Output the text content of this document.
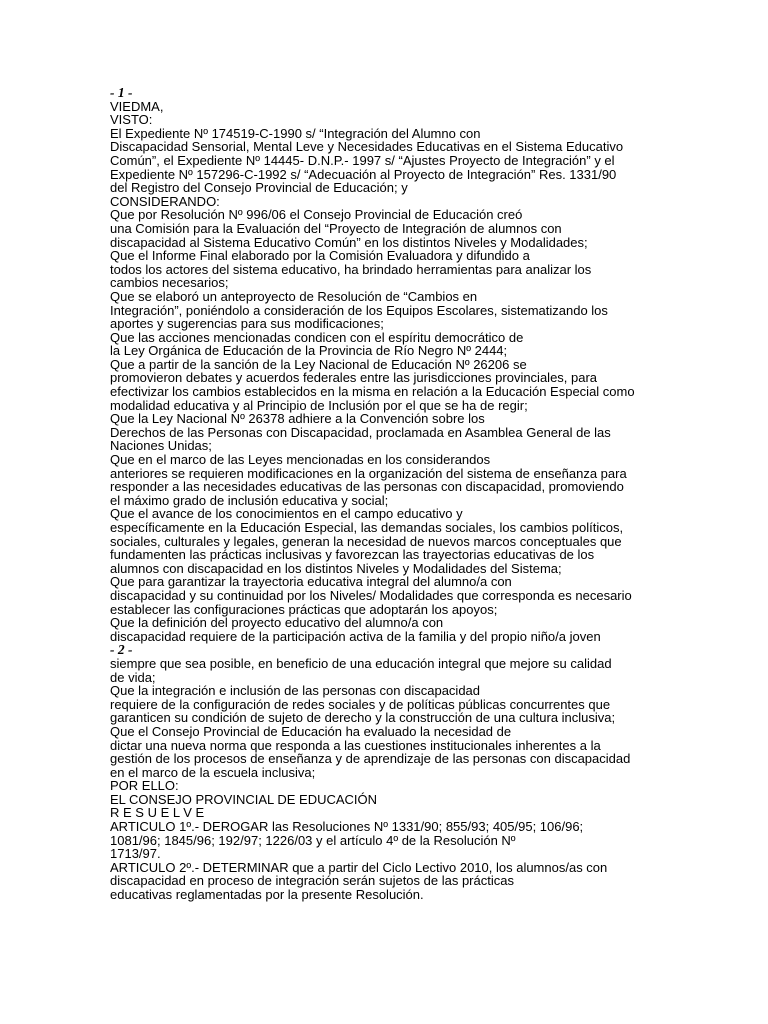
- 1 -
VIEDMA,
VISTO:
El Expediente Nº 174519-C-1990 s/ “Integración del Alumno con
Discapacidad Sensorial, Mental Leve y Necesidades Educativas en el Sistema Educativo
Común”, el Expediente Nº 14445- D.N.P.- 1997 s/ “Ajustes Proyecto de Integración” y el
Expediente Nº 157296-C-1992 s/ “Adecuación al Proyecto de Integración” Res. 1331/90
del Registro del Consejo Provincial de Educación; y
CONSIDERANDO:
Que por Resolución Nº 996/06 el Consejo Provincial de Educación creó
una Comisión para la Evaluación del “Proyecto de Integración de alumnos con
discapacidad al Sistema Educativo Común” en los distintos Niveles y Modalidades;
Que el Informe Final elaborado por la Comisión Evaluadora y difundido a
todos los actores del sistema educativo, ha brindado herramientas para analizar los
cambios necesarios;
Que se elaboró un anteproyecto de Resolución de “Cambios en
Integración”, poniéndolo a consideración de los Equipos Escolares, sistematizando los
aportes y sugerencias para sus modificaciones;
Que las acciones mencionadas condicen con el espíritu democrático de
la Ley Orgánica de Educación de la Provincia de Río Negro Nº 2444;
Que a partir de la sanción de la Ley Nacional de Educación Nº 26206 se
promovieron debates y acuerdos federales entre las jurisdicciones provinciales, para
efectivizar los cambios establecidos en la misma en relación a la Educación Especial como
modalidad educativa y al Principio de Inclusión por el que se ha de regir;
Que la Ley Nacional Nº 26378 adhiere a la Convención sobre los
Derechos de las Personas con Discapacidad, proclamada en Asamblea General de las
Naciones Unidas;
Que en el marco de las Leyes mencionadas en los considerandos
anteriores se requieren modificaciones en la organización del sistema de enseñanza para
responder a las necesidades educativas de las personas con discapacidad, promoviendo
el máximo grado de inclusión educativa y social;
Que el avance de los conocimientos en el campo educativo y
específicamente en la Educación Especial, las demandas sociales, los cambios políticos,
sociales, culturales y legales, generan la necesidad de nuevos marcos conceptuales que
fundamenten las prácticas inclusivas y favorezcan las trayectorias educativas de los
alumnos con discapacidad en los distintos Niveles y Modalidades del Sistema;
Que para garantizar la trayectoria educativa integral del alumno/a con
discapacidad y su continuidad por los Niveles/ Modalidades que corresponda es necesario
establecer las configuraciones prácticas que adoptarán los apoyos;
Que la definición del proyecto educativo del alumno/a con
discapacidad requiere de la participación activa de la familia y del propio niño/a joven
- 2 -
siempre que sea posible, en beneficio de una educación integral que mejore su calidad
de vida;
Que la integración e inclusión de las personas con discapacidad
requiere de la configuración de redes sociales y de políticas públicas concurrentes que
garanticen su condición de sujeto de derecho y la construcción de una cultura inclusiva;
Que el Consejo Provincial de Educación ha evaluado la necesidad de
dictar una nueva norma que responda a las cuestiones institucionales inherentes a la
gestión de los procesos de enseñanza y de aprendizaje de las personas con discapacidad
en el marco de la escuela inclusiva;
POR ELLO:
EL CONSEJO PROVINCIAL DE EDUCACIÓN
R E S U E L V E
ARTICULO 1º.- DEROGAR las Resoluciones Nº 1331/90; 855/93; 405/95; 106/96;
1081/96; 1845/96; 192/97; 1226/03 y el artículo 4º de la Resolución Nº
1713/97.
ARTICULO 2º.- DETERMINAR que a partir del Ciclo Lectivo 2010, los alumnos/as con
discapacidad en proceso de integración serán sujetos de las prácticas
educativas reglamentadas por la presente Resolución.
